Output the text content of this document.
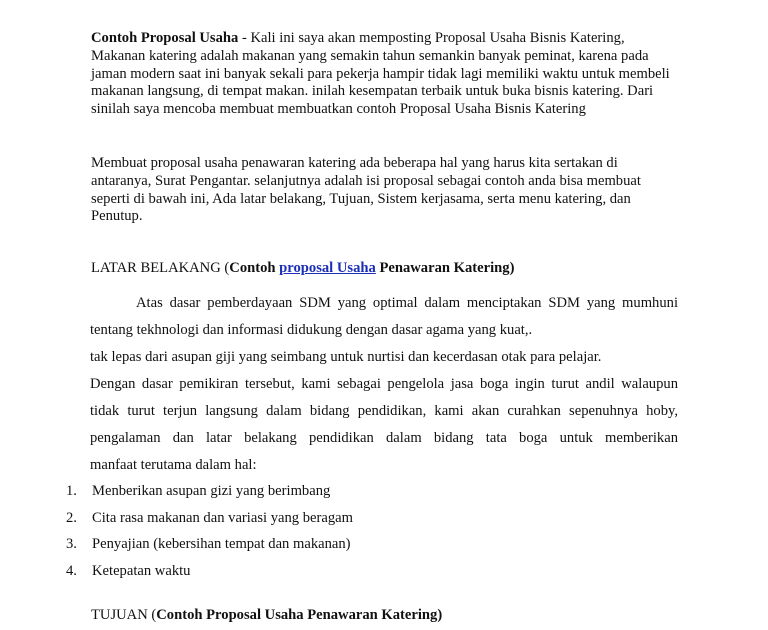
Contoh Proposal Usaha - Kali ini saya akan memposting Proposal Usaha Bisnis Katering, Makanan katering adalah makanan yang semakin tahun semankin banyak peminat, karena pada jaman modern saat ini banyak sekali para pekerja hampir tidak lagi memiliki waktu untuk membeli makanan langsung, di tempat makan. inilah kesempatan terbaik untuk buka bisnis katering. Dari sinilah saya mencoba membuat membuatkan contoh Proposal Usaha Bisnis Katering

Membuat proposal usaha penawaran katering ada beberapa hal yang harus kita sertakan di antaranya, Surat Pengantar. selanjutnya adalah isi proposal sebagai contoh anda bisa membuat seperti di bawah ini, Ada latar belakang, Tujuan, Sistem kerjasama, serta menu katering, dan Penutup.

LATAR BELAKANG (Contoh proposal Usaha Penawaran Katering)

Atas dasar pemberdayaan SDM yang optimal dalam menciptakan SDM yang mumhuni
tentang tekhnologi dan informasi didukung dengan dasar agama yang kuat,.
tak lepas dari asupan giji yang seimbang untuk nurtisi dan kecerdasan otak para pelajar.
Dengan dasar pemikiran tersebut, kami sebagai pengelola jasa boga ingin turut andil walaupun
tidak turut terjun langsung dalam bidang pendidikan, kami akan curahkan sepenuhnya hoby,
pengalaman dan latar belakang pendidikan dalam bidang tata boga untuk memberikan
manfaat terutama dalam hal:
1. Menberikan asupan gizi yang berimbang
2. Cita rasa makanan dan variasi yang beragam
3. Penyajian (kebersihan tempat dan makanan)
4. Ketepatan waktu

TUJUAN (Contoh Proposal Usaha Penawaran Katering)
